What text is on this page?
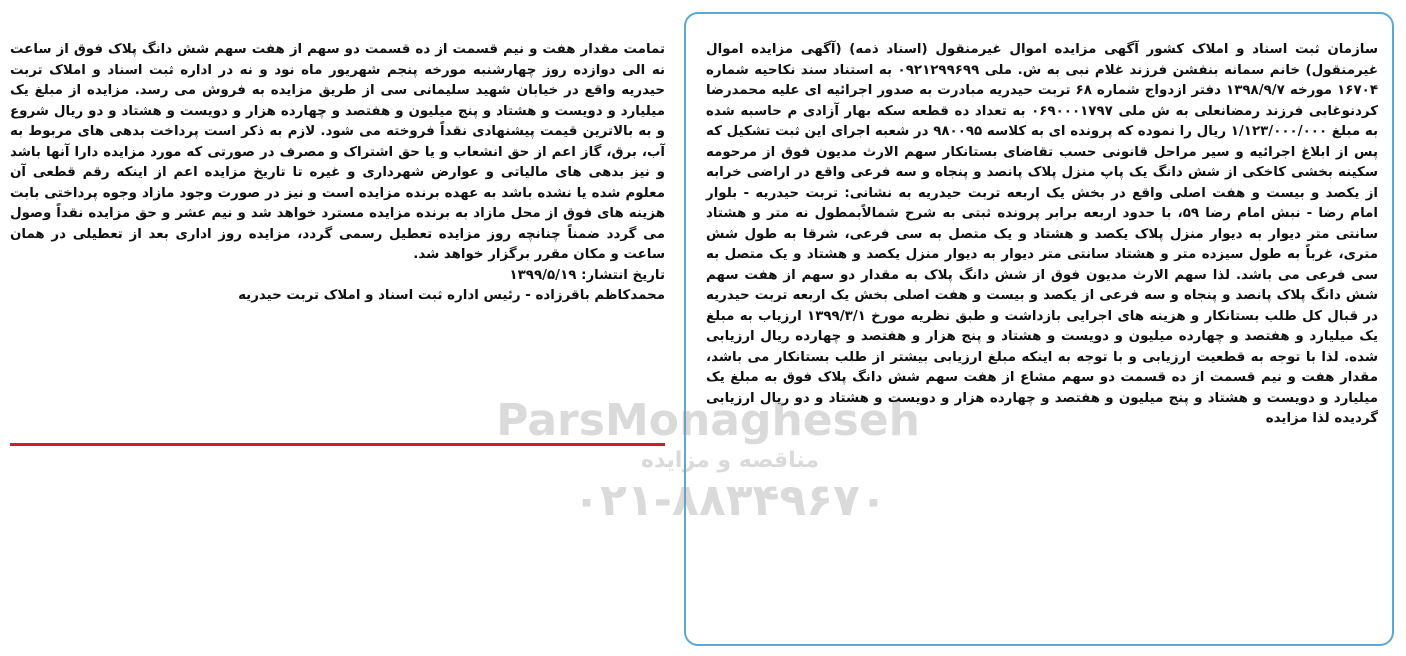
سازمان ثبت اسناد و املاک کشور آگهی مزایده اموال غیرمنقول (اسناد ذمه) (آگهی مزایده اموال غیرمنقول) خانم سمانه بنفشن فرزند غلام نبی به ش. ملی ۰۹۲۱۲۹۹۶۹۹ به استناد سند نکاحیه شماره ۱۶۷۰۴ مورخه ۱۳۹۸/۹/۷ دفتر ازدواج شماره ۶۸ تربت حیدریه مبادرت به صدور اجرائیه ای علیه محمدرضا کردنوغابی فرزند رمضانعلی به ش ملی ۰۶۹۰۰۰۱۷۹۷ به تعداد ده قطعه سکه بهار آزادی م حاسبه شده به مبلغ ۱/۱۲۳/۰۰۰/۰۰۰ ریال را نموده که پرونده ای به کلاسه ۹۸۰۰۹۵ در شعبه اجرای این ثبت تشکیل که پس از ابلاغ اجرائیه و سیر مراحل قانونی حسب تقاضای بستانکار سهم الارث مدیون فوق از مرحومه سکینه بخشی کاخکی از شش دانگ یک پاپ منزل پلاک پانصد و پنجاه و سه فرعی واقع در اراضی خرابه از یکصد و بیست و هفت اصلی واقع در بخش یک اربعه تربت حیدریه به نشانی: تربت حیدریه - بلوار امام رضا - نبش امام رضا ۵۹، با حدود اربعه برابر پرونده ثبتی به شرح شمالاًبمطول نه متر و هشتاد سانتی متر دیوار به دیوار منزل پلاک یکصد و هشتاد و یک متصل به سی فرعی، شرقا به طول شش متری، غرباً به طول سیزده متر و هشتاد سانتی متر دیوار به دیوار منزل یکصد و هشتاد و یک متصل به سی فرعی می باشد. لذا سهم الارث مدیون فوق از شش دانگ پلاک به مقدار دو سهم از هفت سهم شش دانگ پلاک پانصد و پنجاه و سه فرعی از یکصد و بیست و هفت اصلی بخش یک اربعه تربت حیدریه در قبال کل طلب بستانکار و هزینه های اجرایی بازداشت و طبق نظریه مورخ ۱۳۹۹/۳/۱ ارزیاب به مبلغ یک میلیارد و هفتصد و چهارده میلیون و دویست و هشتاد و پنج هزار و هفتصد و چهارده ریال ارزیابی شده. لذا با توجه به قطعیت ارزیابی و با توجه به اینکه مبلغ ارزیابی بیشتر از طلب بستانکار می باشد، مقدار هفت و نیم قسمت از ده قسمت دو سهم مشاع از هفت سهم شش دانگ پلاک فوق به مبلغ یک میلیارد و دویست و هشتاد و پنج میلیون و هفتصد و چهارده هزار و دویست و هشتاد و دو ریال ارزیابی گردیده لذا مزایده

تمامت مقدار هفت و نیم قسمت از ده قسمت دو سهم از هفت سهم شش دانگ پلاک فوق از ساعت نه الی دوازده روز چهارشنبه مورخه پنجم شهریور ماه نود و نه در اداره ثبت اسناد و املاک تربت حیدریه واقع در خیابان شهید سلیمانی سی از طریق مزایده به فروش می رسد. مزایده از مبلغ یک میلیارد و دویست و هشتاد و پنج میلیون و هفتصد و چهارده هزار و دویست و هشتاد و دو ریال شروع و به بالاترین قیمت پیشنهادی نقداً فروخته می شود. لازم به ذکر است پرداخت بدهی های مربوط به آب، برق، گاز اعم از حق انشعاب و یا حق اشتراک و مصرف در صورتی که مورد مزایده دارا آنها باشد و نیز بدهی های مالیاتی و عوارض شهرداری و غیره تا تاریخ مزایده اعم از اینکه رقم قطعی آن معلوم شده یا نشده باشد به عهده برنده مزایده است و نیز در صورت وجود مازاد وجوه پرداختی بابت هزینه های فوق از محل مازاد به برنده مزایده مسترد خواهد شد و نیم عشر و حق مزایده نقداً وصول می گردد ضمناً چنانچه روز مزایده تعطیل رسمی گردد، مزایده روز اداری بعد از تعطیلی در همان ساعت و مکان مقرر برگزار خواهد شد.

تاریخ انتشار: ۱۳۹۹/۵/۱۹
محمدکاظم باقرزاده - رئیس اداره ثبت اسناد و املاک تربت حیدریه

ParsMonagheseh
مناقصه و مزایده
۰۲۱-۸۸۳۴۹۶۷۰
